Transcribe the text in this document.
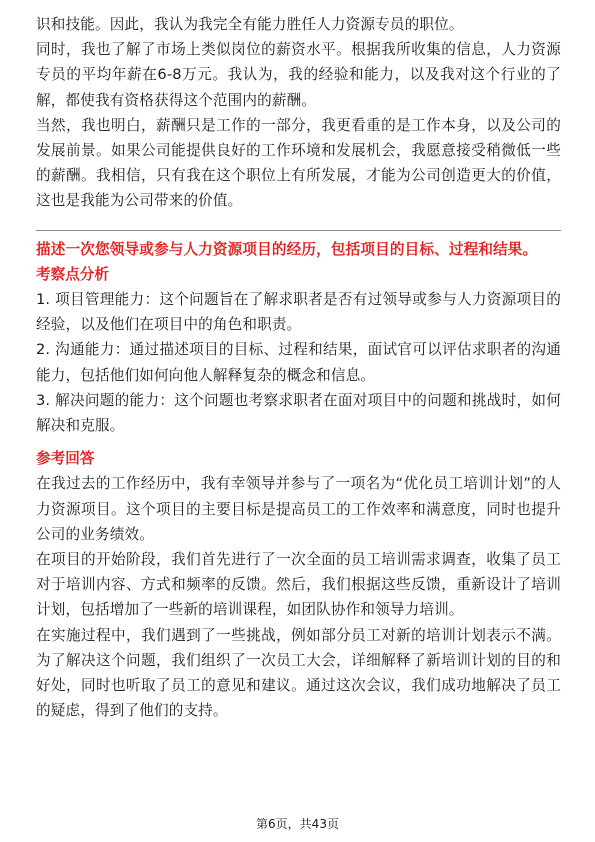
识和技能。因此，我认为我完全有能力胜任人力资源专员的职位。

同时，我也了解了市场上类似岗位的薪资水平。根据我所收集的信息，人力资源专员的平均年薪在6-8万元。我认为，我的经验和能力，以及我对这个行业的了解，都使我有资格获得这个范围内的薪酬。

当然，我也明白，薪酬只是工作的一部分，我更看重的是工作本身，以及公司的发展前景。如果公司能提供良好的工作环境和发展机会，我愿意接受稍微低一些的薪酬。我相信，只有我在这个职位上有所发展，才能为公司创造更大的价值，这也是我能为公司带来的价值。

描述一次您领导或参与人力资源项目的经历，包括项目的目标、过程和结果。

考察点分析

1. 项目管理能力：这个问题旨在了解求职者是否有过领导或参与人力资源项目的经验，以及他们在项目中的角色和职责。

2. 沟通能力：通过描述项目的目标、过程和结果，面试官可以评估求职者的沟通能力，包括他们如何向他人解释复杂的概念和信息。

3. 解决问题的能力：这个问题也考察求职者在面对项目中的问题和挑战时，如何解决和克服。

参考回答

在我过去的工作经历中，我有幸领导并参与了一项名为“优化员工培训计划”的人力资源项目。这个项目的主要目标是提高员工的工作效率和满意度，同时也提升公司的业务绩效。

在项目的开始阶段，我们首先进行了一次全面的员工培训需求调查，收集了员工对于培训内容、方式和频率的反馈。然后，我们根据这些反馈，重新设计了培训计划，包括增加了一些新的培训课程，如团队协作和领导力培训。

在实施过程中，我们遇到了一些挑战，例如部分员工对新的培训计划表示不满。为了解决这个问题，我们组织了一次员工大会，详细解释了新培训计划的目的和好处，同时也听取了员工的意见和建议。通过这次会议，我们成功地解决了员工的疑虑，得到了他们的支持。

第6页，共43页
